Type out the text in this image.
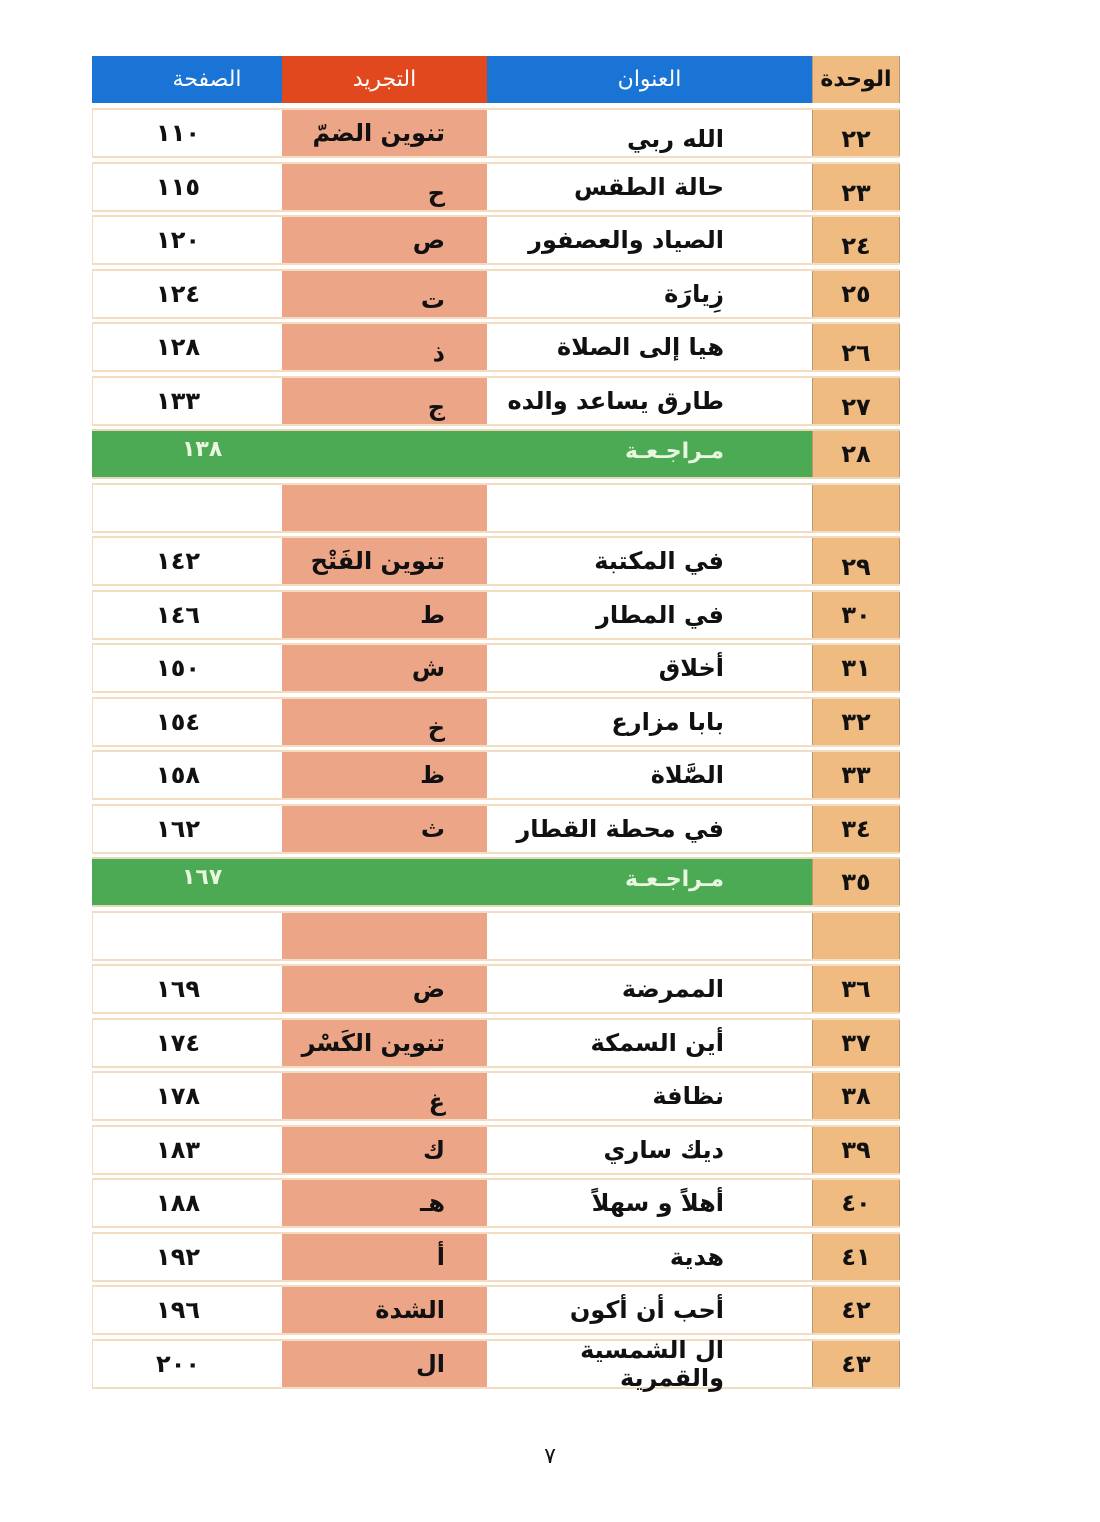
الوحدة
العنوان
التجريد
الصفحة
٢٢
الله ربي
تنوين الضمّ
١١٠
٢٣
حالة الطقس
ح
١١٥
٢٤
الصياد والعصفور
ص
١٢٠
٢٥
زِيارَة
ت
١٢٤
٢٦
هيا إلى الصلاة
ذ
١٢٨
٢٧
طارق يساعد والده
ج
١٣٣
٢٨
مـراجـعـة
١٣٨
٢٩
في المكتبة
تنوين الفَتْح
١٤٢
٣٠
في المطار
ط
١٤٦
٣١
أخلاق
ش
١٥٠
٣٢
بابا مزارع
خ
١٥٤
٣٣
الصَّلاة
ظ
١٥٨
٣٤
في محطة القطار
ث
١٦٢
٣٥
مـراجـعـة
١٦٧
٣٦
الممرضة
ض
١٦٩
٣٧
أين السمكة
تنوين الكَسْر
١٧٤
٣٨
نظافة
غ
١٧٨
٣٩
ديك ساري
ك
١٨٣
٤٠
أهلاً و سهلاً
هـ
١٨٨
٤١
هدية
أ
١٩٢
٤٢
أحب أن أكون
الشدة
١٩٦
٤٣
ال الشمسية والقمرية
ال
٢٠٠
٧
